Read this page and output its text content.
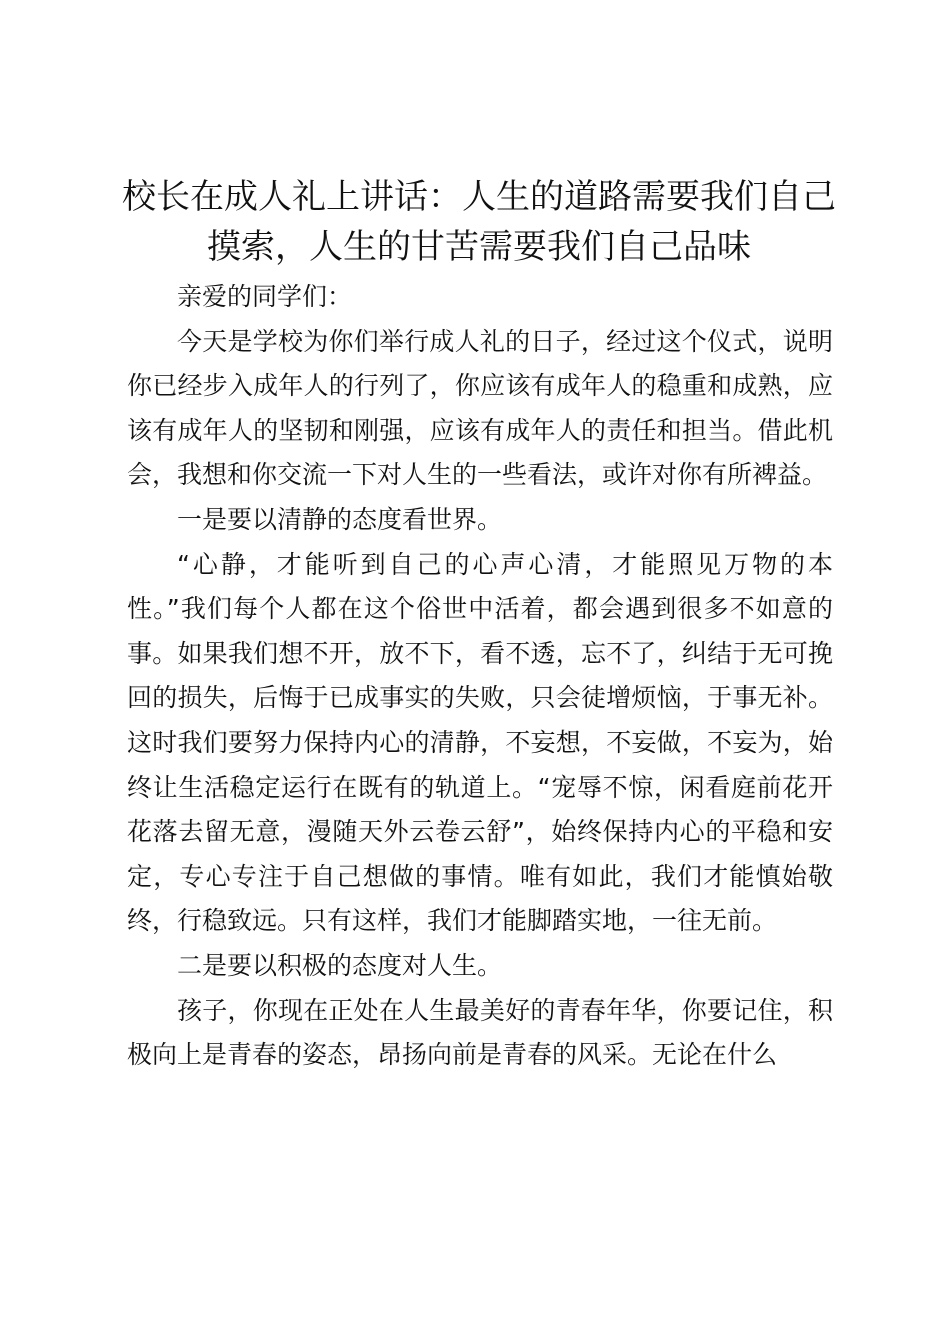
校长在成人礼上讲话：人生的道路需要我们自己摸索，人生的甘苦需要我们自己品味

亲爱的同学们：

今天是学校为你们举行成人礼的日子，经过这个仪式，说明你已经步入成年人的行列了，你应该有成年人的稳重和成熟，应该有成年人的坚韧和刚强，应该有成年人的责任和担当。借此机会，我想和你交流一下对人生的一些看法，或许对你有所裨益。

一是要以清静的态度看世界。

“心静，才能听到自己的心声心清，才能照见万物的本性。”我们每个人都在这个俗世中活着，都会遇到很多不如意的事。如果我们想不开，放不下，看不透，忘不了，纠结于无可挽回的损失，后悔于已成事实的失败，只会徒增烦恼，于事无补。这时我们要努力保持内心的清静，不妄想，不妄做，不妄为，始终让生活稳定运行在既有的轨道上。“宠辱不惊，闲看庭前花开花落去留无意，漫随天外云卷云舒”，始终保持内心的平稳和安定，专心专注于自己想做的事情。唯有如此，我们才能慎始敬终，行稳致远。只有这样，我们才能脚踏实地，一往无前。

二是要以积极的态度对人生。

孩子，你现在正处在人生最美好的青春年华，你要记住，积极向上是青春的姿态，昂扬向前是青春的风采。无论在什么
